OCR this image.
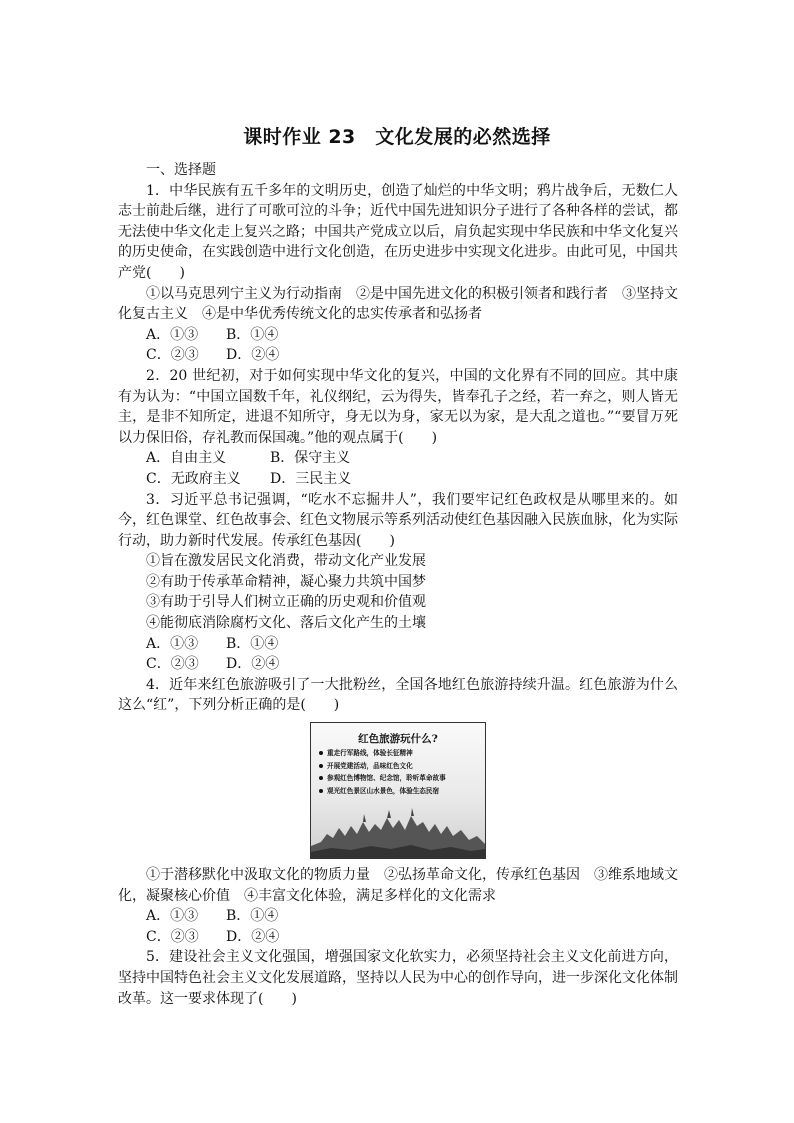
课时作业 23　文化发展的必然选择

一、选择题

1．中华民族有五千多年的文明历史，创造了灿烂的中华文明；鸦片战争后，无数仁人志士前赴后继，进行了可歌可泣的斗争；近代中国先进知识分子进行了各种各样的尝试，都无法使中华文化走上复兴之路；中国共产党成立以后，肩负起实现中华民族和中华文化复兴的历史使命，在实践创造中进行文化创造，在历史进步中实现文化进步。由此可见，中国共产党(　　)

①以马克思列宁主义为行动指南　②是中国先进文化的积极引领者和践行者　③坚持文化复古主义　④是中华优秀传统文化的忠实传承者和弘扬者

A．①③ B．①④

C．②③ D．②④

2．20 世纪初，对于如何实现中华文化的复兴，中国的文化界有不同的回应。其中康有为认为：“中国立国数千年，礼仪纲纪，云为得失，皆奉孔子之经，若一弃之，则人皆无主，是非不知所定，进退不知所守，身无以为身，家无以为家，是大乱之道也。”“要冒万死以力保旧俗，存礼教而保国魂。”他的观点属于(　　)

A．自由主义	B．保守主义

C．无政府主义 D．三民主义

3．习近平总书记强调，“吃水不忘掘井人”，我们要牢记红色政权是从哪里来的。如今，红色课堂、红色故事会、红色文物展示等系列活动使红色基因融入民族血脉，化为实际行动，助力新时代发展。传承红色基因(　　)

①旨在激发居民文化消费，带动文化产业发展

②有助于传承革命精神，凝心聚力共筑中国梦

③有助于引导人们树立正确的历史观和价值观

④能彻底消除腐朽文化、落后文化产生的土壤

A．①③ B．①④

C．②③ D．②④

4．近年来红色旅游吸引了一大批粉丝，全国各地红色旅游持续升温。红色旅游为什么这么“红”，下列分析正确的是(　　)

红色旅游玩什么?
重走行军路线，体验长征精神
开展党建活动，品味红色文化
参观红色博物馆、纪念馆，聆听革命故事
观光红色景区山水景色，体验生态民宿

①于潜移默化中汲取文化的物质力量　②弘扬革命文化，传承红色基因　③维系地域文化，凝聚核心价值　④丰富文化体验，满足多样化的文化需求

A．①③ B．①④

C．②③ D．②④

5．建设社会主义文化强国，增强国家文化软实力，必须坚持社会主义文化前进方向，坚持中国特色社会主义文化发展道路，坚持以人民为中心的创作导向，进一步深化文化体制改革。这一要求体现了(　　)
